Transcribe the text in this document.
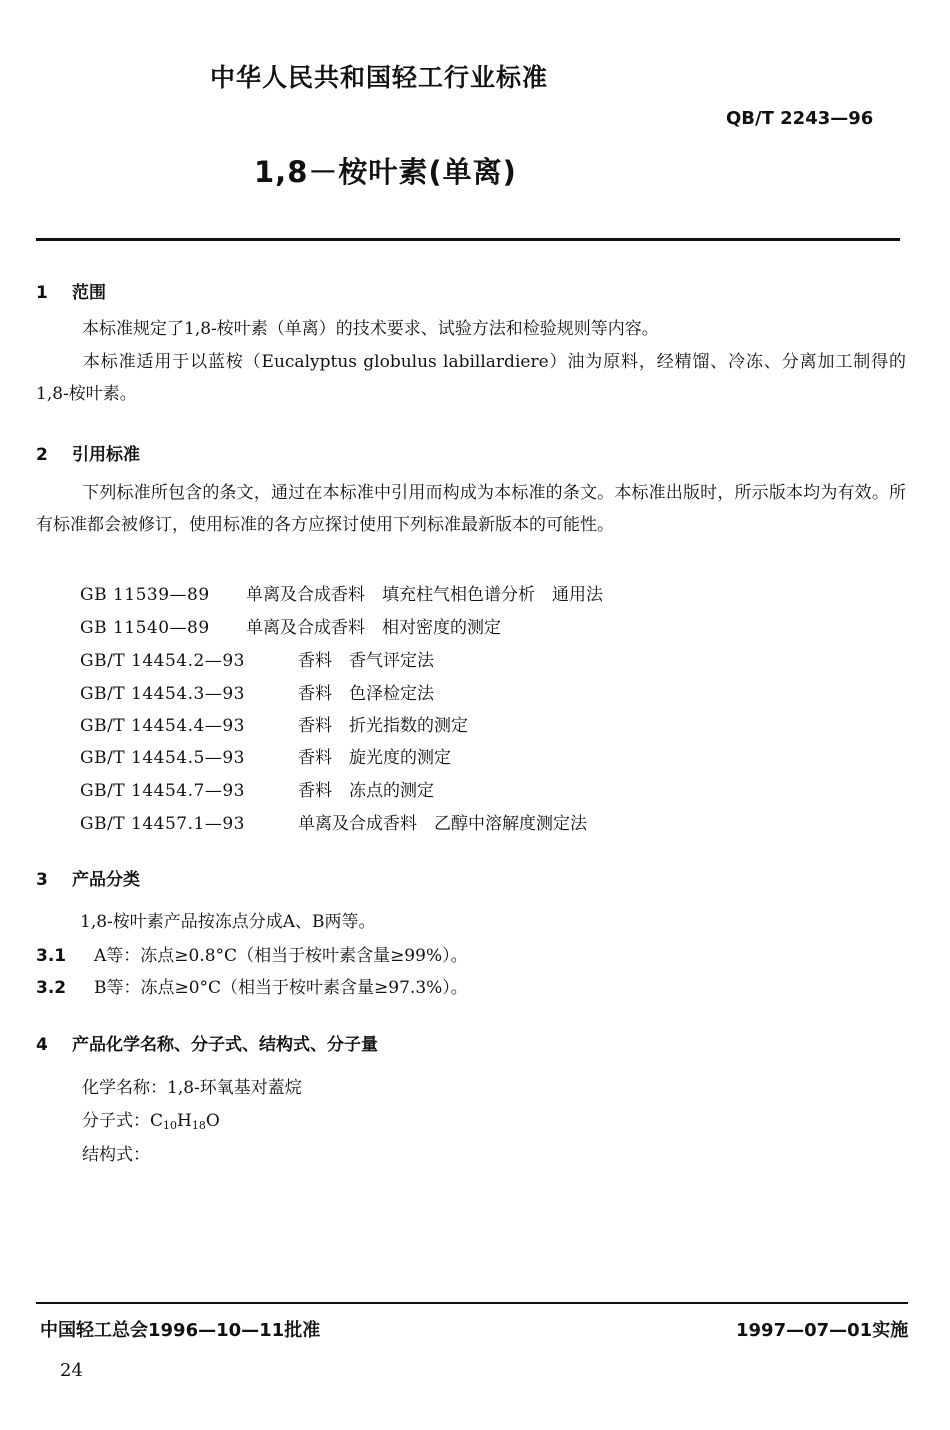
中华人民共和国轻工行业标准
QB/T 2243—96
1,8－桉叶素(单离)
1 范围
本标准规定了1,8-桉叶素（单离）的技术要求、试验方法和检验规则等内容。
本标准适用于以蓝桉（Eucalyptus globulus labillardiere）油为原料，经精馏、冷冻、分离加工制得的1,8-桉叶素。
2 引用标准
下列标准所包含的条文，通过在本标准中引用而构成为本标准的条文。本标准出版时，所示版本均为有效。所有标准都会被修订，使用标准的各方应探讨使用下列标准最新版本的可能性。
GB 11539—89 单离及合成香料　填充柱气相色谱分析　通用法
GB 11540—89 单离及合成香料　相对密度的测定
GB/T 14454.2—93	香料　香气评定法
GB/T 14454.3—93	香料　色泽检定法
GB/T 14454.4—93	香料　折光指数的测定
GB/T 14454.5—93	香料　旋光度的测定
GB/T 14454.7—93	香料　冻点的测定
GB/T 14457.1—93	单离及合成香料　乙醇中溶解度测定法
3 产品分类
1,8-桉叶素产品按冻点分成A、B两等。
3.1 A等：冻点≥0.8°C（相当于桉叶素含量≥99%）。
3.2 B等：冻点≥0°C（相当于桉叶素含量≥97.3%）。
4 产品化学名称、分子式、结构式、分子量
化学名称：1,8-环氧基对蓋烷
分子式：$C_{10}H_{18}O$
结构式：
中国轻工总会1996—10—11批准	1997—07—01实施
24
